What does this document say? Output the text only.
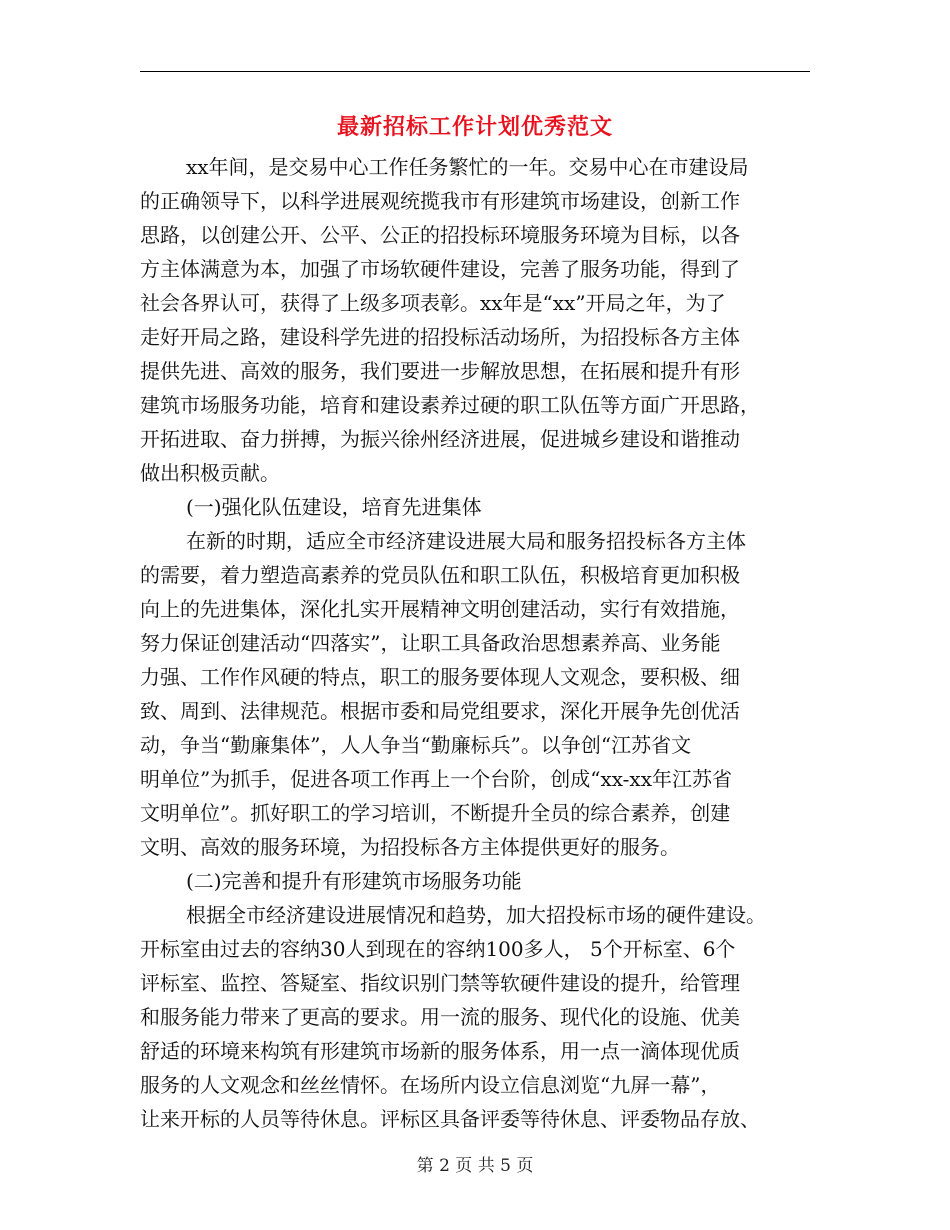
最新招标工作计划优秀范文
xx年间，是交易中心工作任务繁忙的一年。交易中心在市建设局
的正确领导下，以科学进展观统揽我市有形建筑市场建设，创新工作
思路，以创建公开、公平、公正的招投标环境服务环境为目标，以各
方主体满意为本，加强了市场软硬件建设，完善了服务功能，得到了
社会各界认可，获得了上级多项表彰。xx年是“xx”开局之年，为了
走好开局之路，建设科学先进的招投标活动场所，为招投标各方主体
提供先进、高效的服务，我们要进一步解放思想，在拓展和提升有形
建筑市场服务功能，培育和建设素养过硬的职工队伍等方面广开思路，
开拓进取、奋力拼搏，为振兴徐州经济进展，促进城乡建设和谐推动
做出积极贡献。
(一)强化队伍建设，培育先进集体
在新的时期，适应全市经济建设进展大局和服务招投标各方主体
的需要，着力塑造高素养的党员队伍和职工队伍，积极培育更加积极
向上的先进集体，深化扎实开展精神文明创建活动，实行有效措施，
努力保证创建活动“四落实”，让职工具备政治思想素养高、业务能
力强、工作作风硬的特点，职工的服务要体现人文观念，要积极、细
致、周到、法律规范。根据市委和局党组要求，深化开展争先创优活
动，争当“勤廉集体”，人人争当“勤廉标兵”。以争创“江苏省文
明单位”为抓手，促进各项工作再上一个台阶，创成“xx-xx年江苏省
文明单位”。抓好职工的学习培训，不断提升全员的综合素养，创建
文明、高效的服务环境，为招投标各方主体提供更好的服务。
(二)完善和提升有形建筑市场服务功能
根据全市经济建设进展情况和趋势，加大招投标市场的硬件建设。
开标室由过去的容纳30人到现在的容纳100多人， 5个开标室、6个
评标室、监控、答疑室、指纹识别门禁等软硬件建设的提升，给管理
和服务能力带来了更高的要求。用一流的服务、现代化的设施、优美
舒适的环境来构筑有形建筑市场新的服务体系，用一点一滴体现优质
服务的人文观念和丝丝情怀。在场所内设立信息浏览“九屏一幕”，
让来开标的人员等待休息。评标区具备评委等待休息、评委物品存放、
第 2 页 共 5 页
